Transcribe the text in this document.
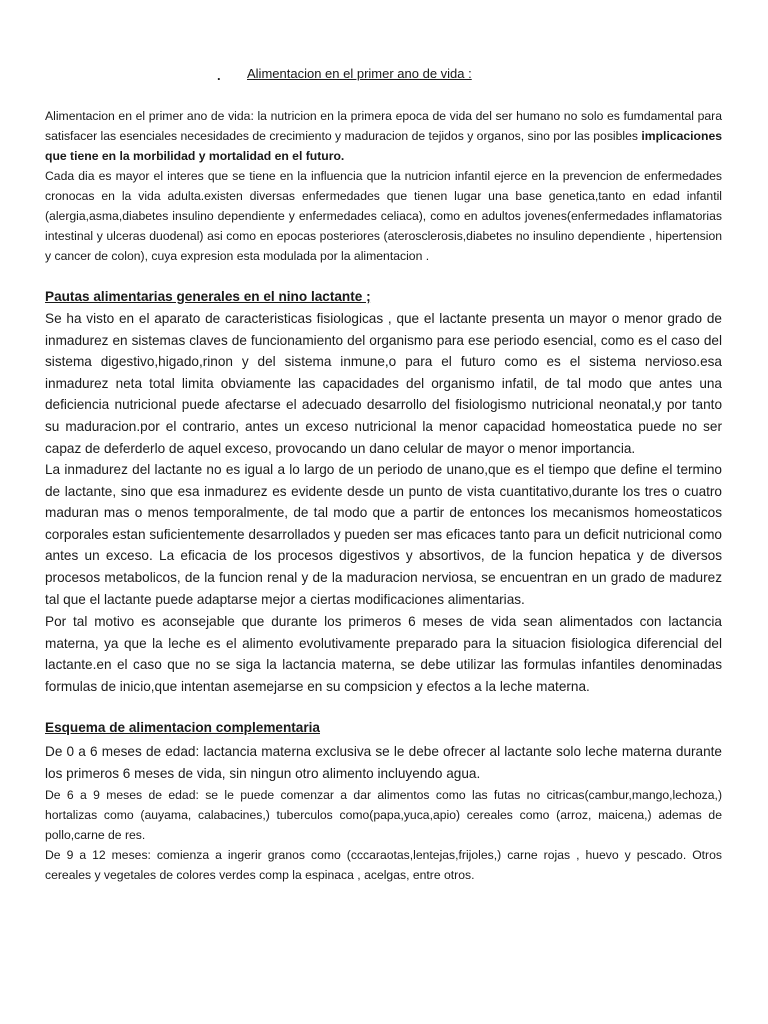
. Alimentacion en el primer ano de vida :

Alimentacion en el primer ano de vida: la nutricion en la primera epoca de vida del ser humano no solo es fumdamental para satisfacer las esenciales necesidades de crecimiento y maduracion de tejidos y organos, sino por las posibles implicaciones que tiene en la morbilidad y mortalidad en el futuro.

Cada dia es mayor el interes que se tiene en la influencia que la nutricion infantil ejerce en la prevencion de enfermedades cronocas en la vida adulta.existen diversas enfermedades que tienen lugar una base genetica,tanto en edad infantil (alergia,asma,diabetes insulino dependiente y enfermedades celiaca), como en adultos jovenes(enfermedades inflamatorias intestinal y ulceras duodenal) asi como en epocas posteriores (aterosclerosis,diabetes no insulino dependiente , hipertension y cancer de colon), cuya expresion esta modulada por la alimentacion .

Pautas alimentarias generales en el nino lactante ;

Se ha visto en el aparato de caracteristicas fisiologicas , que el lactante presenta un mayor o menor grado de inmadurez en sistemas claves de funcionamiento del organismo para ese periodo esencial, como es el caso del sistema digestivo,higado,rinon y del sistema inmune,o para el futuro como es el sistema nervioso.esa inmadurez neta total limita obviamente las capacidades del organismo infatil, de tal modo que antes una deficiencia nutricional puede afectarse el adecuado desarrollo del fisiologismo nutricional neonatal,y por tanto su maduracion.por el contrario, antes un exceso nutricional la menor capacidad homeostatica puede no ser capaz de deferderlo de aquel exceso, provocando un dano celular de mayor o menor importancia.

La inmadurez del lactante no es igual a lo largo de un periodo de unano,que es el tiempo que define el termino de lactante, sino que esa inmadurez es evidente desde un punto de vista cuantitativo,durante los tres o cuatro maduran mas o menos temporalmente, de tal modo que a partir de entonces los mecanismos homeostaticos corporales estan suficientemente desarrollados y pueden ser mas eficaces tanto para un deficit nutricional como antes un exceso. La eficacia de los procesos digestivos y absortivos, de la funcion hepatica y de diversos procesos metabolicos, de la funcion renal y de la maduracion nerviosa, se encuentran en un grado de madurez tal que el lactante puede adaptarse mejor a ciertas modificaciones alimentarias.

Por tal motivo es aconsejable que durante los primeros 6 meses de vida sean alimentados con lactancia materna, ya que la leche es el alimento evolutivamente preparado para la situacion fisiologica diferencial del lactante.en el caso que no se siga la lactancia materna, se debe utilizar las formulas infantiles denominadas formulas de inicio,que intentan asemejarse en su compsicion y efectos a la leche materna.

Esquema de alimentacion complementaria

De 0 a 6 meses de edad: lactancia materna exclusiva se le debe ofrecer al lactante solo leche materna durante los primeros 6 meses de vida, sin ningun otro alimento incluyendo agua.

De 6 a 9 meses de edad: se le puede comenzar a dar alimentos como las futas no citricas(cambur,mango,lechoza,) hortalizas como (auyama, calabacines,) tuberculos como(papa,yuca,apio) cereales como (arroz, maicena,) ademas de pollo,carne de res.

De 9 a 12 meses: comienza a ingerir granos como (cccaraotas,lentejas,frijoles,) carne rojas , huevo y pescado. Otros cereales y vegetales de colores verdes comp la espinaca , acelgas, entre otros.
